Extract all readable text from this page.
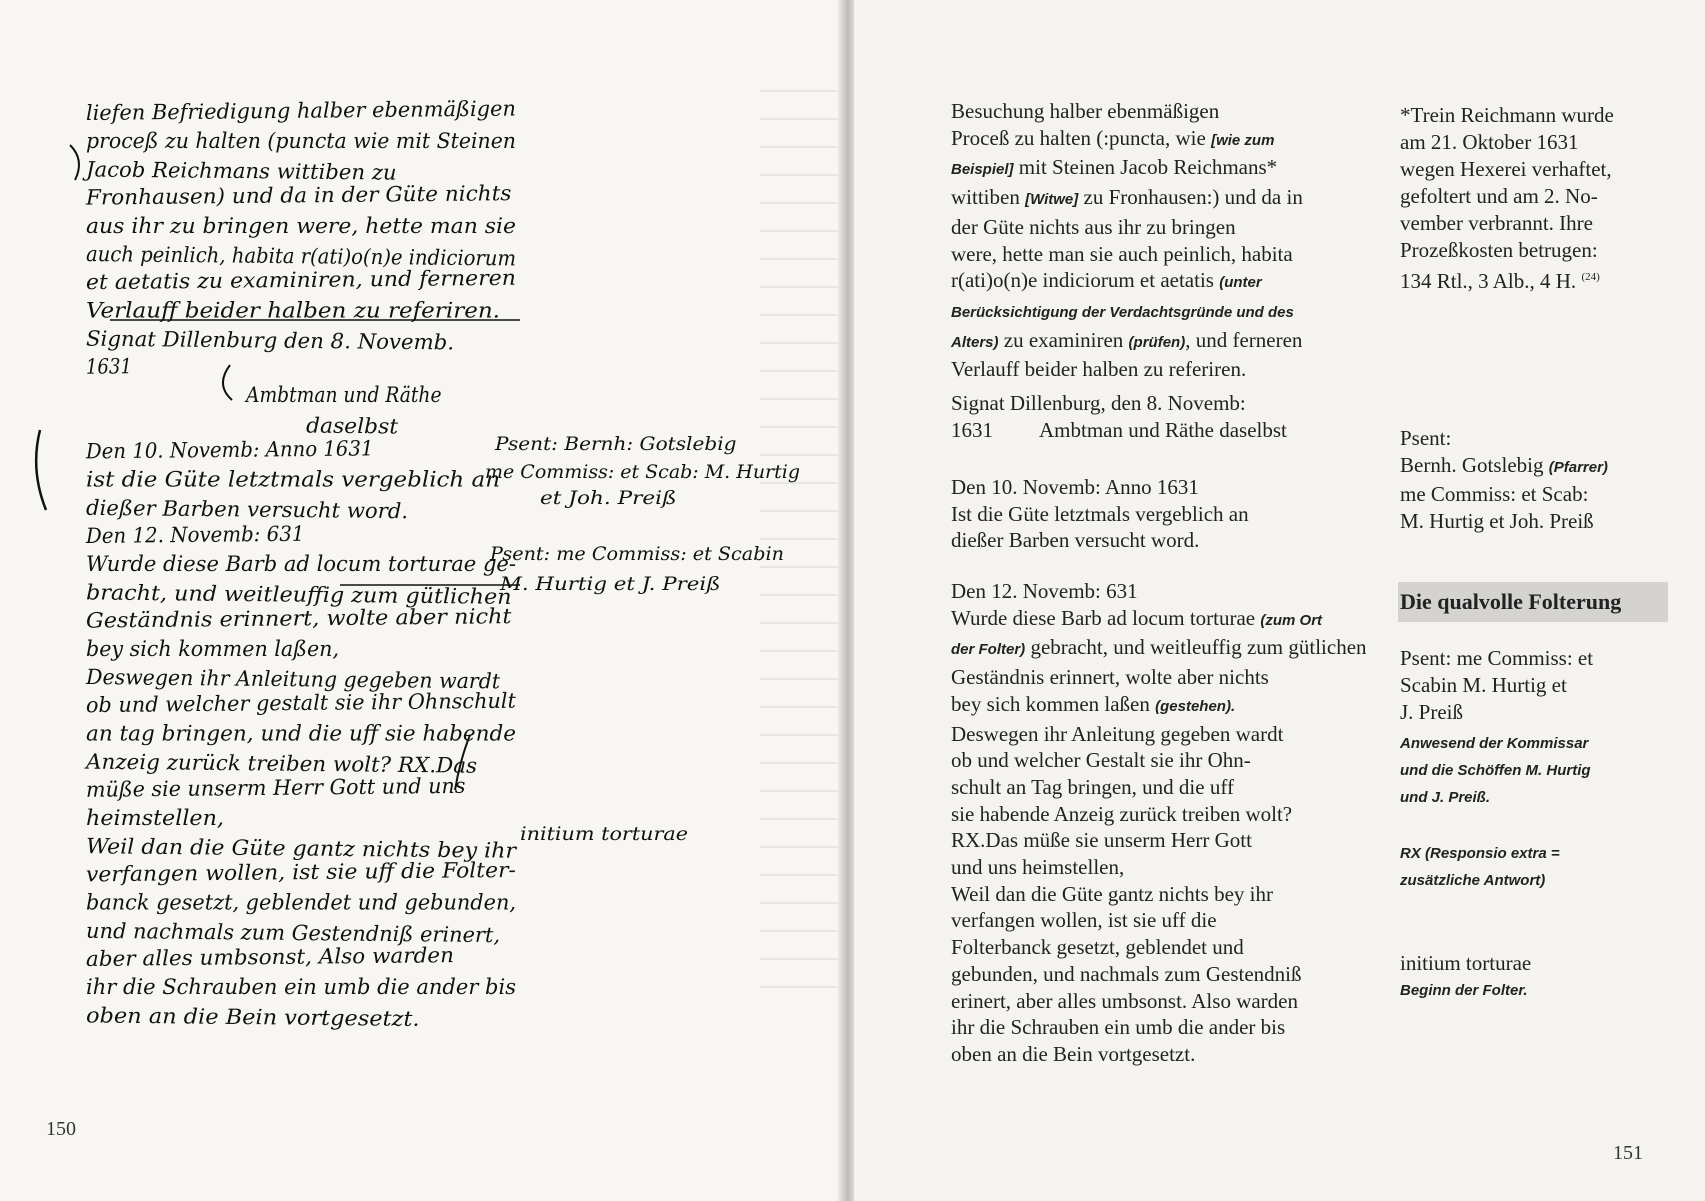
liefen Befriedigung halber ebenmäßigen
proceß zu halten (puncta wie mit Steinen
Jacob Reichmans wittiben zu
Fronhausen) und da in der Güte nichts
aus ihr zu bringen were, hette man sie
auch peinlich, habita r(ati)o(n)e indiciorum
et aetatis zu examiniren, und ferneren
Verlauff beider halben zu referiren.
Signat Dillenburg den 8. Novemb.
1631
Ambtman und Räthe
daselbst
Den 10. Novemb: Anno 1631
ist die Güte letztmals vergeblich an
dießer Barben versucht word.
Den 12. Novemb: 631
Wurde diese Barb ad locum torturae ge-
bracht, und weitleuffig zum gütlichen
Geständnis erinnert, wolte aber nicht
bey sich kommen laßen,
Deswegen ihr Anleitung gegeben wardt
ob und welcher gestalt sie ihr Ohnschult
an tag bringen, und die uff sie habende
Anzeig zurück treiben wolt? RX.Das
müße sie unserm Herr Gott und uns
heimstellen,
Weil dan die Güte gantz nichts bey ihr
verfangen wollen, ist sie uff die Folter-
banck gesetzt, geblendet und gebunden,
und nachmals zum Gestendniß erinert,
aber alles umbsonst, Also warden
ihr die Schrauben ein umb die ander bis
oben an die Bein vortgesetzt.
Psent: Bernh: Gotslebig
me Commiss: et Scab: M. Hurtig
et Joh. Preiß
Psent: me Commiss: et Scabin
M. Hurtig et J. Preiß
initium torturae
150

Besuchung halber ebenmäßigen

Proceß zu halten (:puncta, wie [wie zum

Beispiel] mit Steinen Jacob Reichmans*

wittiben [Witwe] zu Fronhausen:) und da in

der Güte nichts aus ihr zu bringen

were, hette man sie auch peinlich, habita

r(ati)o(n)e indiciorum et aetatis (unter

Berücksichtigung der Verdachtsgründe und des

Alters) zu examiniren (prüfen), und ferneren

Verlauff beider halben zu referiren.

Signat Dillenburg, den 8. Novemb:

1631 Ambtman und Räthe daselbst

Den 10. Novemb: Anno 1631

Ist die Güte letztmals vergeblich an

dießer Barben versucht word.

Den 12. Novemb: 631

Wurde diese Barb ad locum torturae (zum Ort

der Folter) gebracht, und weitleuffig zum gütlichen

Geständnis erinnert, wolte aber nichts

bey sich kommen laßen (gestehen).

Deswegen ihr Anleitung gegeben wardt

ob und welcher Gestalt sie ihr Ohn-

schult an Tag bringen, und die uff

sie habende Anzeig zurück treiben wolt?

RX.Das müße sie unserm Herr Gott

und uns heimstellen,

Weil dan die Güte gantz nichts bey ihr

verfangen wollen, ist sie uff die

Folterbanck gesetzt, geblendet und

gebunden, und nachmals zum Gestendniß

erinert, aber alles umbsonst. Also warden

ihr die Schrauben ein umb die ander bis

oben an die Bein vortgesetzt.

*Trein Reichmann wurde

am 21. Oktober 1631

wegen Hexerei verhaftet,

gefoltert und am 2. No-

vember verbrannt. Ihre

Prozeßkosten betrugen:

134 Rtl., 3 Alb., 4 H. $^{(24)}$

Psent:

Bernh. Gotslebig (Pfarrer)

me Commiss: et Scab:

M. Hurtig et Joh. Preiß

Die qualvolle Folterung

Psent: me Commiss: et

Scabin M. Hurtig et

J. Preiß

Anwesend der Kommissar

und die Schöffen M. Hurtig

und J. Preiß.

RX (Responsio extra =

zusätzliche Antwort)

initium torturae

Beginn der Folter.

151
